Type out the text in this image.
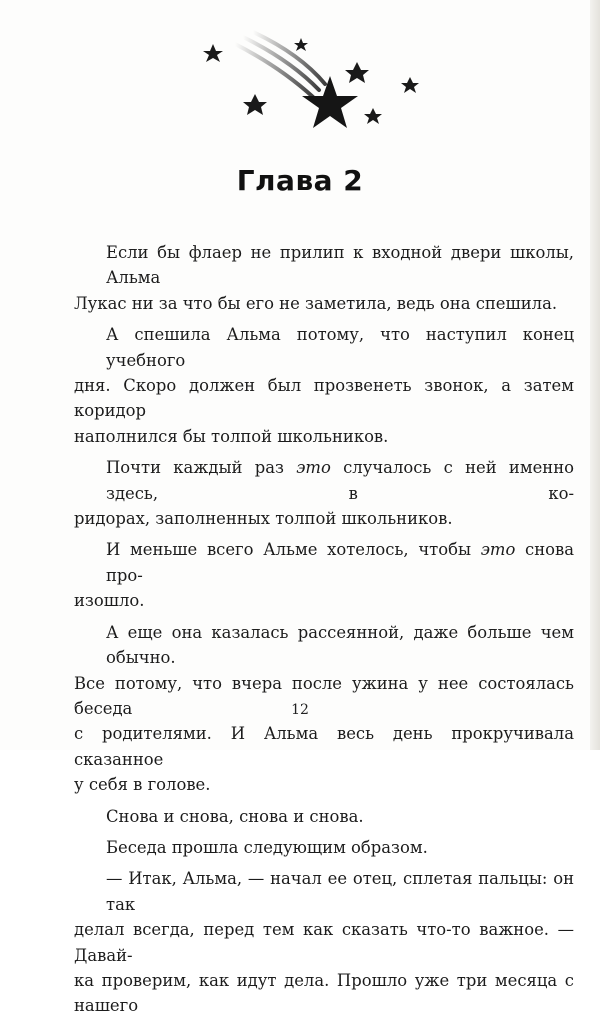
Глава 2

Если бы флаер не прилип к входной двери школы, Альма
Лукас ни за что бы его не заметила, ведь она спешила.

А спешила Альма потому, что наступил конец учебного
дня. Скоро должен был прозвенеть звонок, а затем коридор
наполнился бы толпой школьников.

Почти каждый раз это случалось с ней именно здесь, в ко-
ридорах, заполненных толпой школьников.

И меньше всего Альме хотелось, чтобы это снова про-
изошло.

А еще она казалась рассеянной, даже больше чем обычно.
Все потому, что вчера после ужина у нее состоялась беседа
с родителями. И Альма весь день прокручивала сказанное
у себя в голове.

Снова и снова, снова и снова.

Беседа прошла следующим образом.

— Итак, Альма, — начал ее отец, сплетая пальцы: он так
делал всегда, перед тем как сказать что-то важное. — Давай-
ка проверим, как идут дела. Прошло уже три месяца с нашего

12
